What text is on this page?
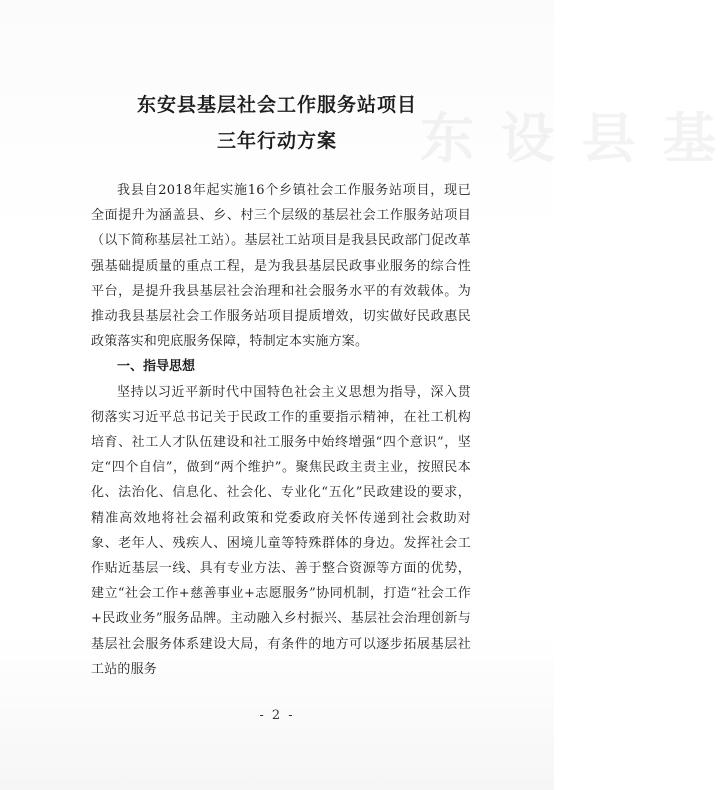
东 设 县 基
东安县基层社会工作服务站项目
三年行动方案

我县自2018年起实施16个乡镇社会工作服务站项目，现已全面提升为涵盖县、乡、村三个层级的基层社会工作服务站项目（以下简称基层社工站）。基层社工站项目是我县民政部门促改革强基础提质量的重点工程，是为我县基层民政事业服务的综合性平台，是提升我县基层社会治理和社会服务水平的有效载体。为推动我县基层社会工作服务站项目提质增效，切实做好民政惠民政策落实和兜底服务保障，特制定本实施方案。

一、指导思想

坚持以习近平新时代中国特色社会主义思想为指导，深入贯彻落实习近平总书记关于民政工作的重要指示精神，在社工机构培育、社工人才队伍建设和社工服务中始终增强“四个意识”，坚定“四个自信”，做到“两个维护”。聚焦民政主责主业，按照民本化、法治化、信息化、社会化、专业化“五化”民政建设的要求，精准高效地将社会福利政策和党委政府关怀传递到社会救助对象、老年人、残疾人、困境儿童等特殊群体的身边。发挥社会工作贴近基层一线、具有专业方法、善于整合资源等方面的优势，建立“社会工作+慈善事业+志愿服务”协同机制，打造“社会工作+民政业务”服务品牌。主动融入乡村振兴、基层社会治理创新与基层社会服务体系建设大局，有条件的地方可以逐步拓展基层社工站的服务

- 2 -
